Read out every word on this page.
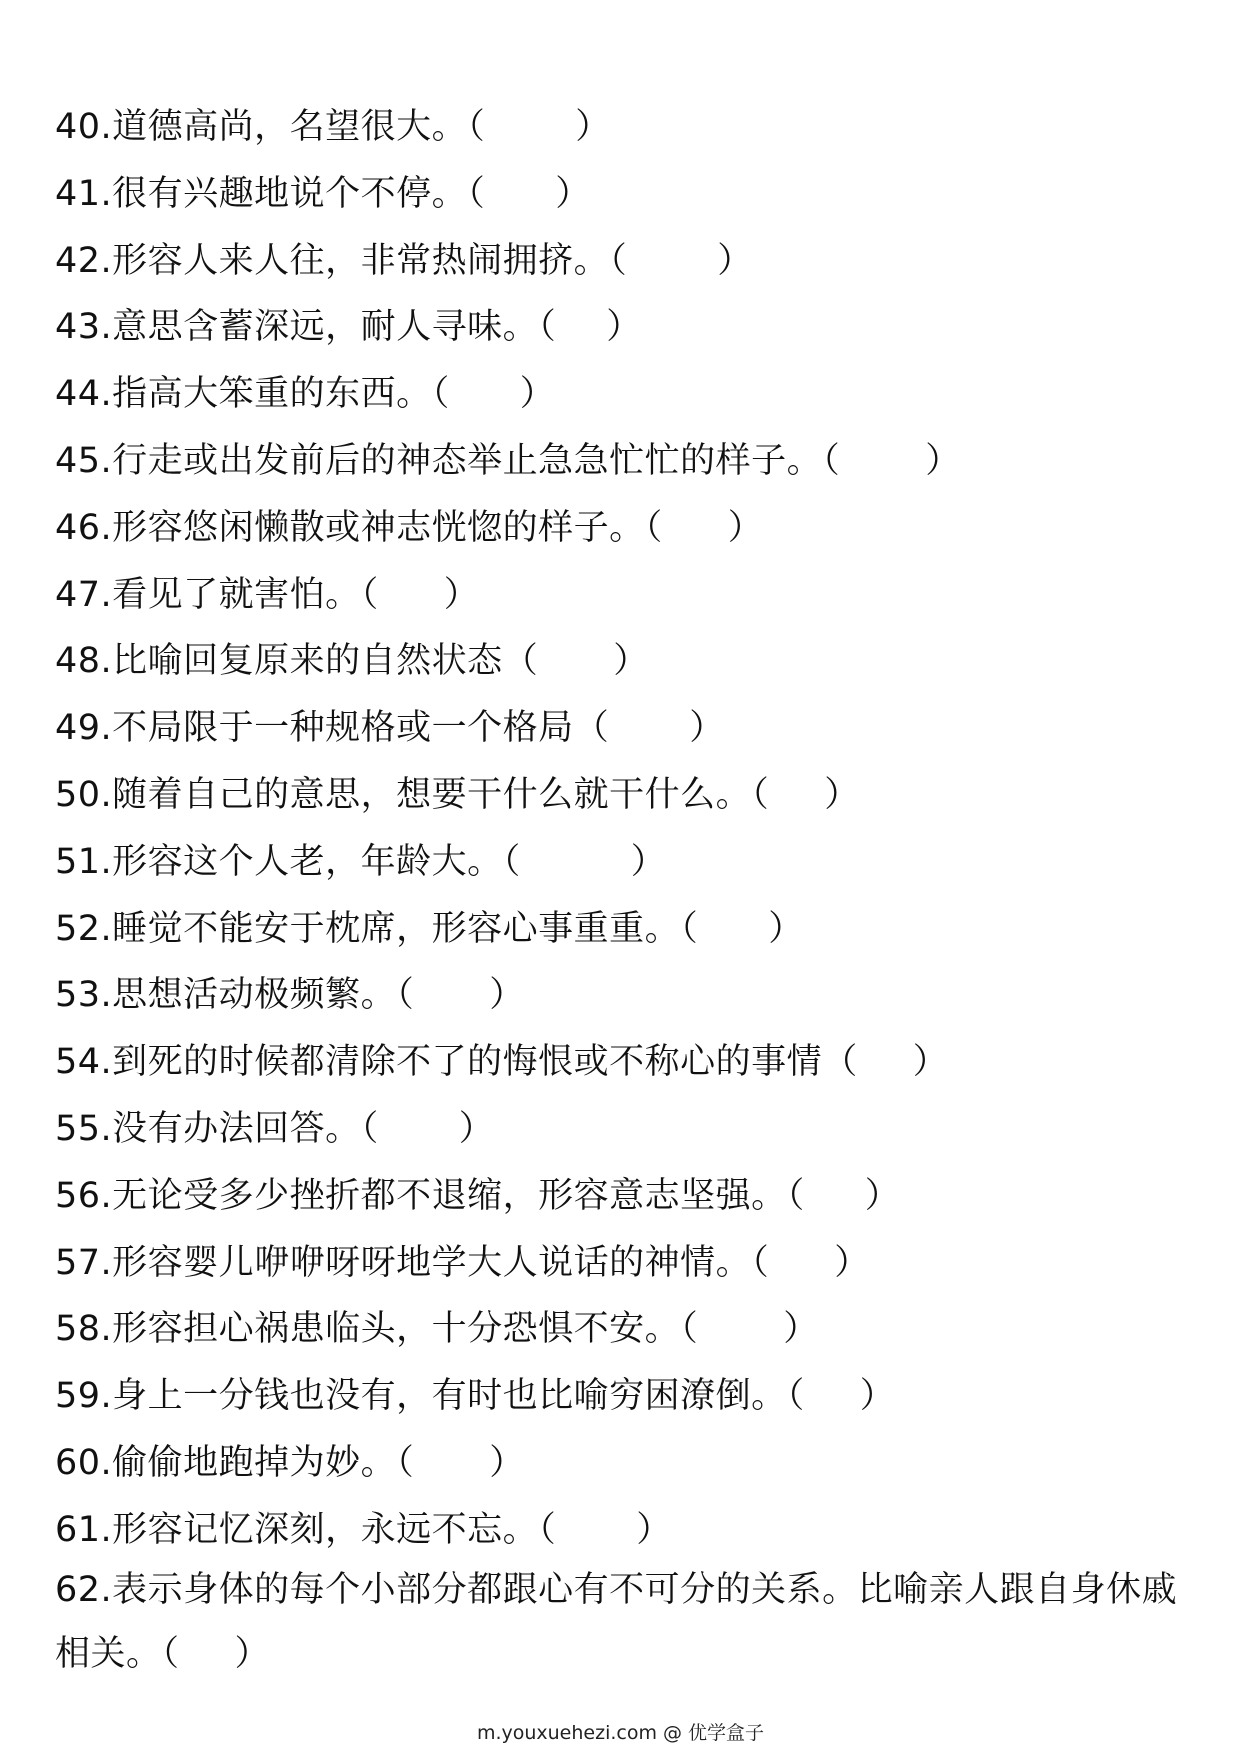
40.道德高尚，名望很大。（	）
41.很有兴趣地说个不停。（ ）
42.形容人来人往，非常热闹拥挤。（	）
43.意思含蓄深远，耐人寻味。（ ）
44.指高大笨重的东西。（ ）
45.行走或出发前后的神态举止急急忙忙的样子。（ ）
46.形容悠闲懒散或神志恍惚的样子。（ ）
47.看见了就害怕。（ ）
48.比喻回复原来的自然状态（ ）
49.不局限于一种规格或一个格局（ ）
50.随着自己的意思，想要干什么就干什么。（ ）
51.形容这个人老，年龄大。（	）
52.睡觉不能安于枕席，形容心事重重。（ ）
53.思想活动极频繁。（ ）
54.到死的时候都清除不了的悔恨或不称心的事情（ ）
55.没有办法回答。（ ）
56.无论受多少挫折都不退缩，形容意志坚强。（ ）
57.形容婴儿咿咿呀呀地学大人说话的神情。（ ）
58.形容担心祸患临头，十分恐惧不安。（ ）
59.身上一分钱也没有，有时也比喻穷困潦倒。（ ）
60.偷偷地跑掉为妙。（ ）
61.形容记忆深刻，永远不忘。（ ）
62.表示身体的每个小部分都跟心有不可分的关系。比喻亲人跟自身休戚相关。（ ）
m.youxuehezi.com @ 优学盒子
